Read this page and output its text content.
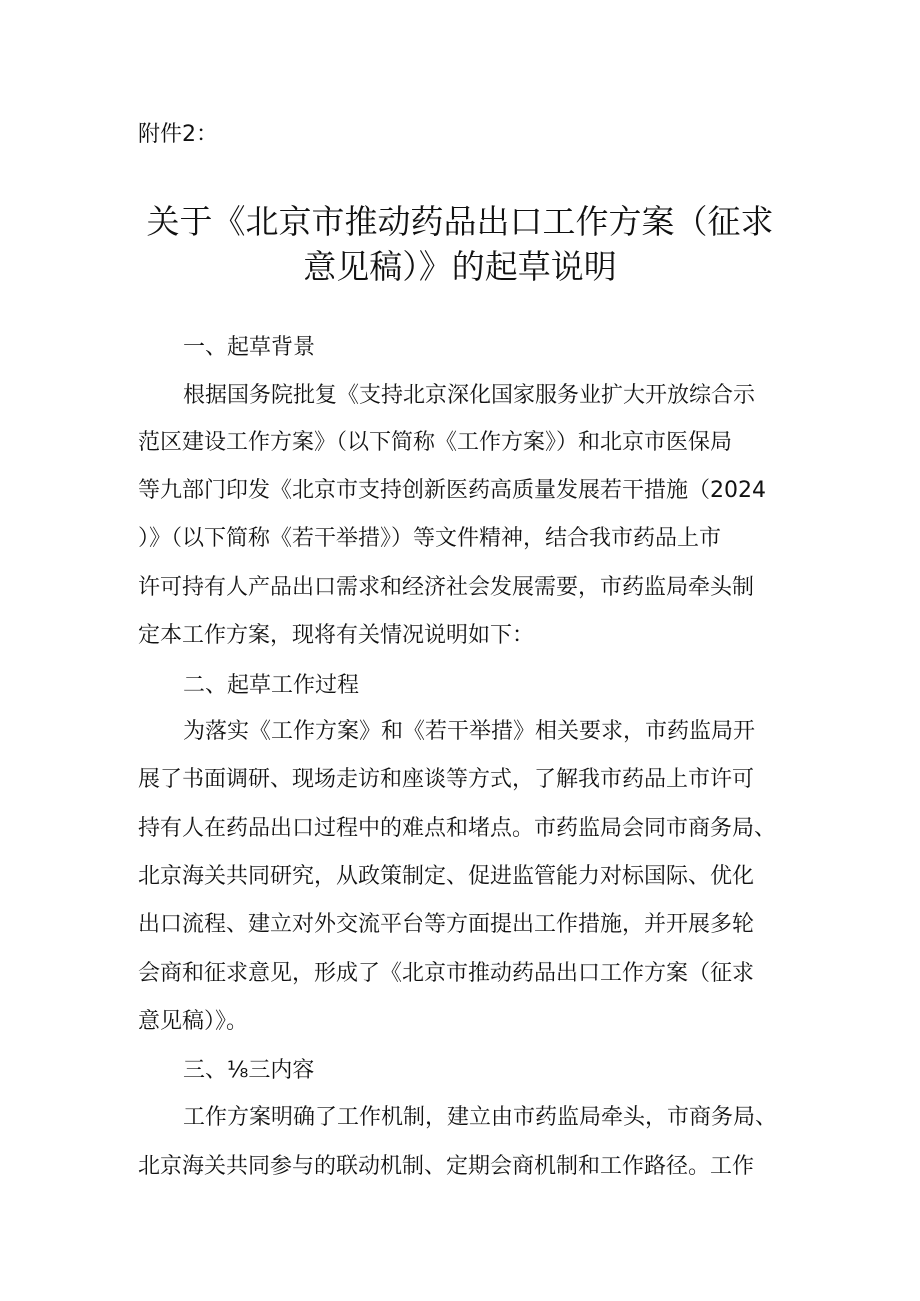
附件2：
关于《北京市推动药品出口工作方案（征求
意见稿）》的起草说明
一、起草背景
根据国务院批复《支持北京深化国家服务业扩大开放综合示
范区建设工作方案》（以下简称《工作方案》）和北京市医保局
等九部门印发《北京市支持创新医药高质量发展若干措施（2024
）》（以下简称《若干举措》）等文件精神，结合我市药品上市
许可持有人产品出口需求和经济社会发展需要，市药监局牵头制
定本工作方案，现将有关情况说明如下：
二、起草工作过程
为落实《工作方案》和《若干举措》相关要求，市药监局开
展了书面调研、现场走访和座谈等方式，了解我市药品上市许可
持有人在药品出口过程中的难点和堵点。市药监局会同市商务局、
北京海关共同研究，从政策制定、促进监管能力对标国际、优化
出口流程、建立对外交流平台等方面提出工作措施，并开展多轮
会商和征求意见，形成了《北京市推动药品出口工作方案（征求
意见稿）》。
三、⅛三内容
工作方案明确了工作机制，建立由市药监局牵头，市商务局、
北京海关共同参与的联动机制、定期会商机制和工作路径。工作
